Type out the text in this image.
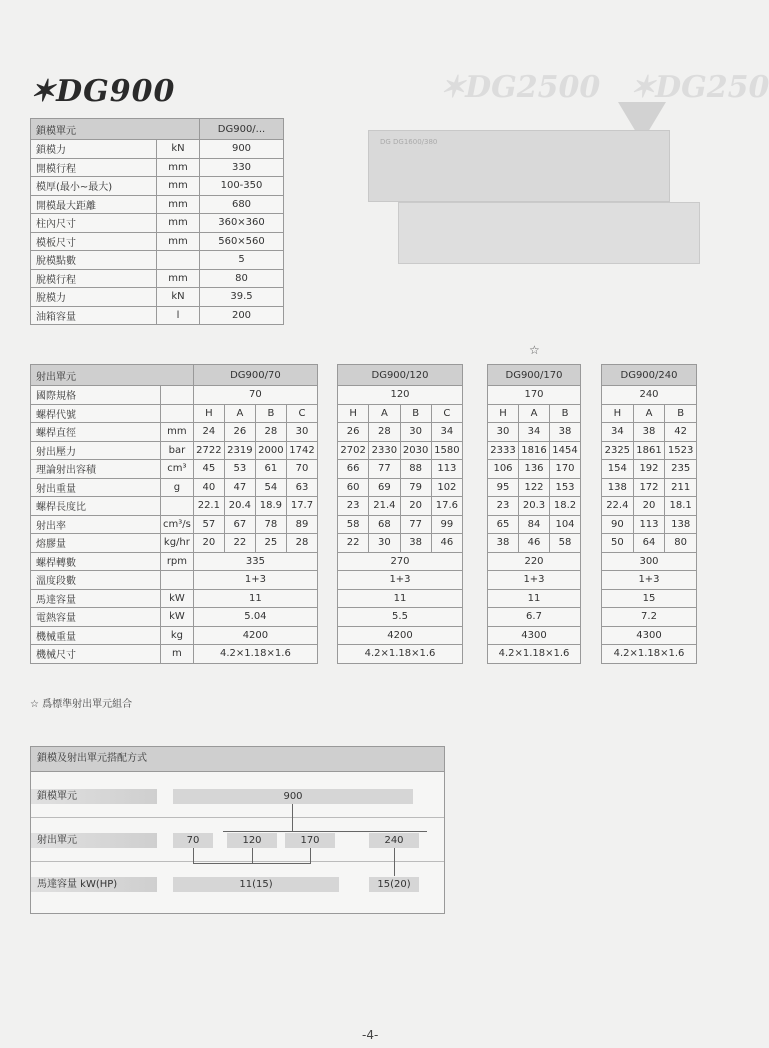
✶DG2500 ✶DG250
✶DG900
DG DG1600/380
鎖模單元		DG900/...
鎖模力	kN	900
開模行程	mm	330
模厚(最小~最大)	mm	100-350
開模最大距離	mm	680
柱內尺寸	mm	360×360
模板尺寸	mm	560×560
脫模點數		5
脫模行程	mm	80
脫模力	kN	39.5
油箱容量	l	200
☆
射出單元		DG900/70			
國際規格		70			
螺桿代號		H	A	B	C
螺桿直徑	mm	24	26	28	30
射出壓力	bar	2722	2319	2000	1742
理論射出容積	cm³	45	53	61	70
射出重量	g	40	47	54	63
螺桿長度比		22.1	20.4	18.9	17.7
射出率	cm³/s	57	67	78	89
熔膠量	kg/hr	20	22	25	28
螺桿轉數	rpm	335			
溫度段數		1+3			
馬達容量	kW	11			
電熱容量	kW	5.04			
機械重量	kg	4200			
機械尺寸	m	4.2×1.18×1.6			
DG900/120			
120			
H	A	B	C
26	28	30	34
2702	2330	2030	1580
66	77	88	113
60	69	79	102
23	21.4	20	17.6
58	68	77	99
22	30	38	46
270			
1+3			
11			
5.5			
4200			
4.2×1.18×1.6			
DG900/170		
170		
H	A	B
30	34	38
2333	1816	1454
106	136	170
95	122	153
23	20.3	18.2
65	84	104
38	46	58
220		
1+3		
11		
6.7		
4300		
4.2×1.18×1.6		
DG900/240		
240		
H	A	B
34	38	42
2325	1861	1523
154	192	235
138	172	211
22.4	20	18.1
90	113	138
50	64	80
300		
1+3		
15		
7.2		
4300		
4.2×1.18×1.6		
☆ 爲標準射出單元組合
鎖模及射出單元搭配方式
鎖模單元	900
射出單元	70	120	170	240
馬達容量 kW(HP)	11(15)	15(20)
-4-
